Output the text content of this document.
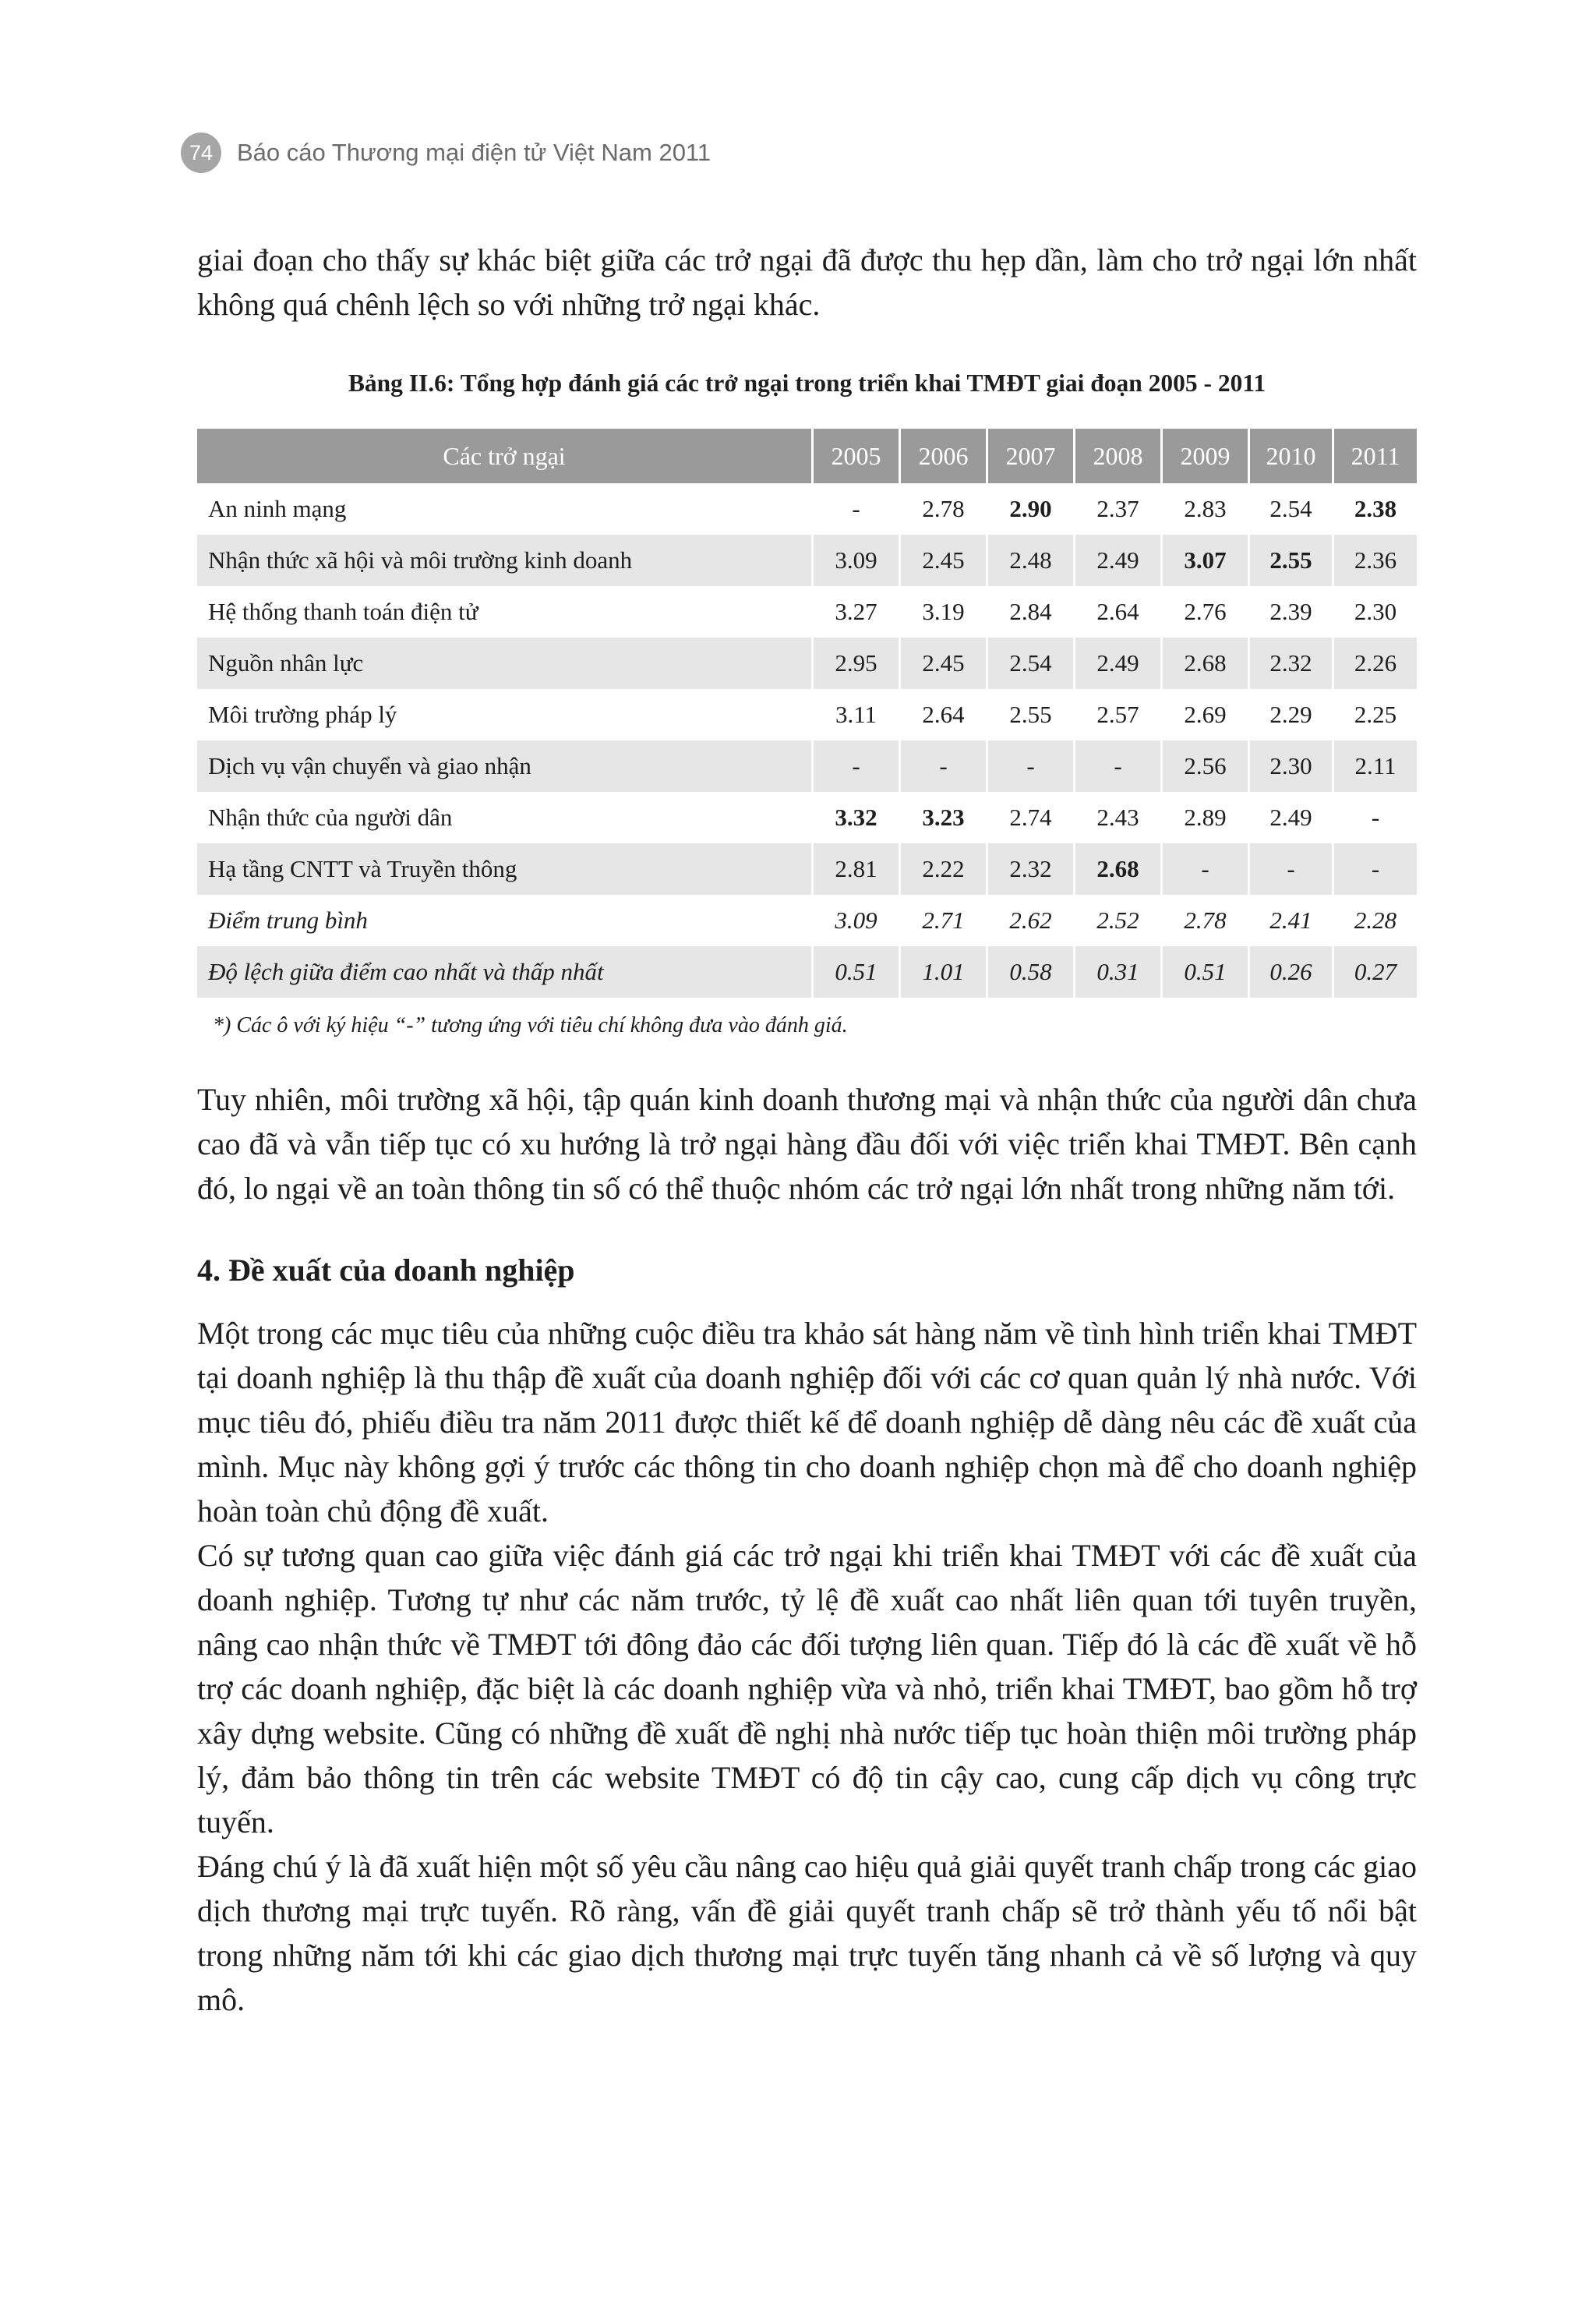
74 Báo cáo Thương mại điện tử Việt Nam 2011

giai đoạn cho thấy sự khác biệt giữa các trở ngại đã được thu hẹp dần, làm cho trở ngại lớn nhất không quá chênh lệch so với những trở ngại khác.

Bảng II.6: Tổng hợp đánh giá các trở ngại trong triển khai TMĐT giai đoạn 2005 - 2011
Các trở ngại	2005	2006	2007	2008	2009	2010	2011
An ninh mạng	-	2.78	2.90	2.37	2.83	2.54	2.38
Nhận thức xã hội và môi trường kinh doanh	3.09	2.45	2.48	2.49	3.07	2.55	2.36
Hệ thống thanh toán điện tử	3.27	3.19	2.84	2.64	2.76	2.39	2.30
Nguồn nhân lực	2.95	2.45	2.54	2.49	2.68	2.32	2.26
Môi trường pháp lý	3.11	2.64	2.55	2.57	2.69	2.29	2.25
Dịch vụ vận chuyển và giao nhận	-	-	-	-	2.56	2.30	2.11
Nhận thức của người dân	3.32	3.23	2.74	2.43	2.89	2.49	-
Hạ tầng CNTT và Truyền thông	2.81	2.22	2.32	2.68	-	-	-
Điểm trung bình	3.09	2.71	2.62	2.52	2.78	2.41	2.28
Độ lệch giữa điểm cao nhất và thấp nhất	0.51	1.01	0.58	0.31	0.51	0.26	0.27
*) Các ô với ký hiệu “-” tương ứng với tiêu chí không đưa vào đánh giá.

Tuy nhiên, môi trường xã hội, tập quán kinh doanh thương mại và nhận thức của người dân chưa cao đã và vẫn tiếp tục có xu hướng là trở ngại hàng đầu đối với việc triển khai TMĐT. Bên cạnh đó, lo ngại về an toàn thông tin số có thể thuộc nhóm các trở ngại lớn nhất trong những năm tới.

4. Đề xuất của doanh nghiệp

Một trong các mục tiêu của những cuộc điều tra khảo sát hàng năm về tình hình triển khai TMĐT tại doanh nghiệp là thu thập đề xuất của doanh nghiệp đối với các cơ quan quản lý nhà nước. Với mục tiêu đó, phiếu điều tra năm 2011 được thiết kế để doanh nghiệp dễ dàng nêu các đề xuất của mình. Mục này không gợi ý trước các thông tin cho doanh nghiệp chọn mà để cho doanh nghiệp hoàn toàn chủ động đề xuất.

Có sự tương quan cao giữa việc đánh giá các trở ngại khi triển khai TMĐT với các đề xuất của doanh nghiệp. Tương tự như các năm trước, tỷ lệ đề xuất cao nhất liên quan tới tuyên truyền, nâng cao nhận thức về TMĐT tới đông đảo các đối tượng liên quan. Tiếp đó là các đề xuất về hỗ trợ các doanh nghiệp, đặc biệt là các doanh nghiệp vừa và nhỏ, triển khai TMĐT, bao gồm hỗ trợ xây dựng website. Cũng có những đề xuất đề nghị nhà nước tiếp tục hoàn thiện môi trường pháp lý, đảm bảo thông tin trên các website TMĐT có độ tin cậy cao, cung cấp dịch vụ công trực tuyến.

Đáng chú ý là đã xuất hiện một số yêu cầu nâng cao hiệu quả giải quyết tranh chấp trong các giao dịch thương mại trực tuyến. Rõ ràng, vấn đề giải quyết tranh chấp sẽ trở thành yếu tố nổi bật trong những năm tới khi các giao dịch thương mại trực tuyến tăng nhanh cả về số lượng và quy mô.
